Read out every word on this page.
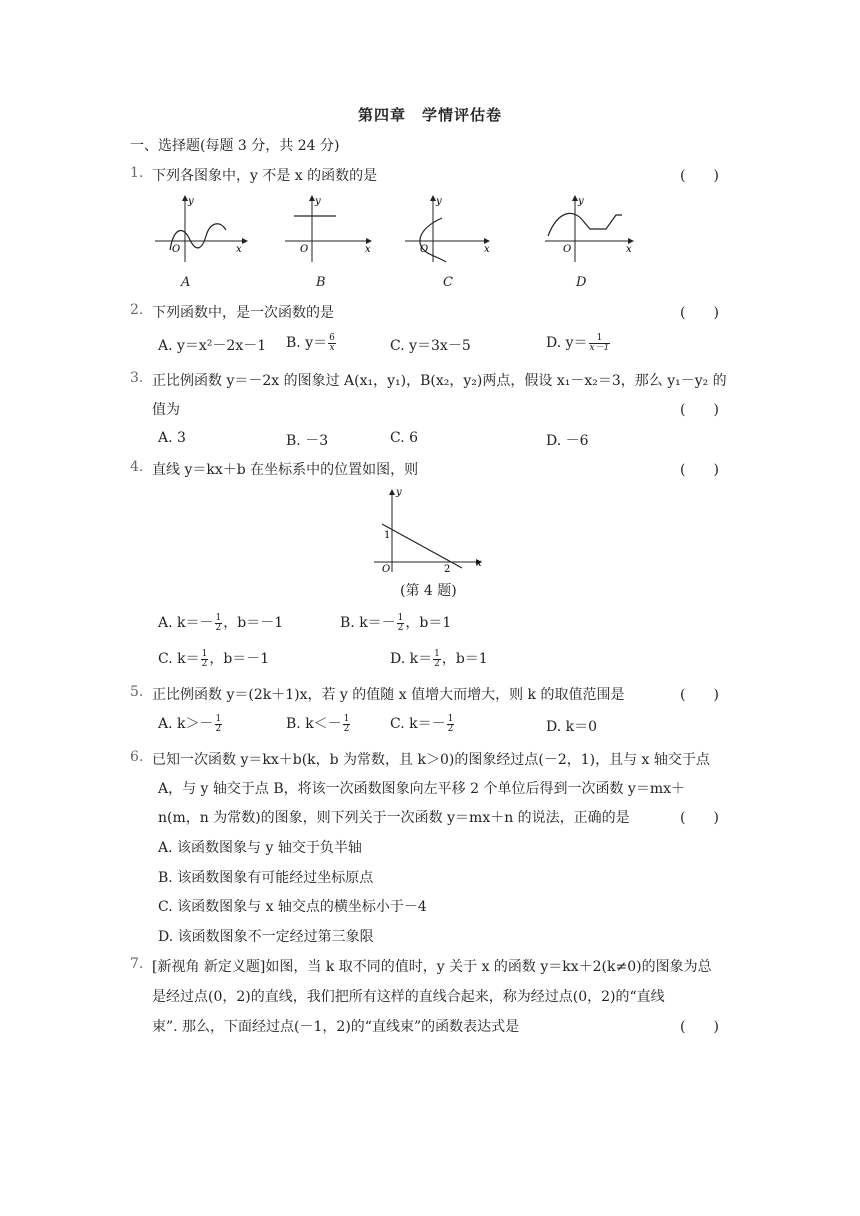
第四章　学情评估卷
一、选择题(每题 3 分，共 24 分)
1. 下列各图象中，y 不是 x 的函数的是	(　　)
O	x
y
O	x
y
O	x
y
O	x
y
A	B	C	D
2. 下列函数中，是一次函数的是	(　　)
A. y＝x²－2x－1 B. $y= \frac{6}{x}$	C. y＝3x－5	D. $y= \frac{1}{x-1}$
3. 正比例函数 y＝－2x 的图象过 A(x₁，y₁)，B(x₂，y₂)两点，假设 x₁－x₂＝3，那么 y₁－y₂ 的
值为	(　　)
A. 3	B. －3	C. 6	D. －6
4. 直线 y＝kx＋b 在坐标系中的位置如图，则	(　　)
y
x
O
1
2
(第 4 题)
A. $k=- \frac{1}{2}$ ，b＝－1	B. $k=- \frac{1}{2}$ ，b＝1
C. $k= \frac{1}{2}$ ，b＝－1	D. $k= \frac{1}{2}$ ，b＝1
5. 正比例函数 y＝(2k＋1)x，若 y 的值随 x 值增大而增大，则 k 的取值范围是	(　　)
A. $k>- \frac{1}{2}$	B. $k<- \frac{1}{2}$	C. $k=- \frac{1}{2}$	D. k＝0
6. 已知一次函数 y＝kx＋b(k，b 为常数，且 k＞0)的图象经过点(－2，1)，且与 x 轴交于点
A，与 y 轴交于点 B，将该一次函数图象向左平移 2 个单位后得到一次函数 y＝mx＋
n(m，n 为常数)的图象，则下列关于一次函数 y＝mx＋n 的说法，正确的是	(　　)
A. 该函数图象与 y 轴交于负半轴
B. 该函数图象有可能经过坐标原点
C. 该函数图象与 x 轴交点的横坐标小于－4
D. 该函数图象不一定经过第三象限
7. [新视角 新定义题]如图，当 k 取不同的值时，y 关于 x 的函数 y＝kx＋2(k≠0)的图象为总
是经过点(0，2)的直线，我们把所有这样的直线合起来，称为经过点(0，2)的“直线
束”. 那么，下面经过点(－1，2)的“直线束”的函数表达式是	(　　)
